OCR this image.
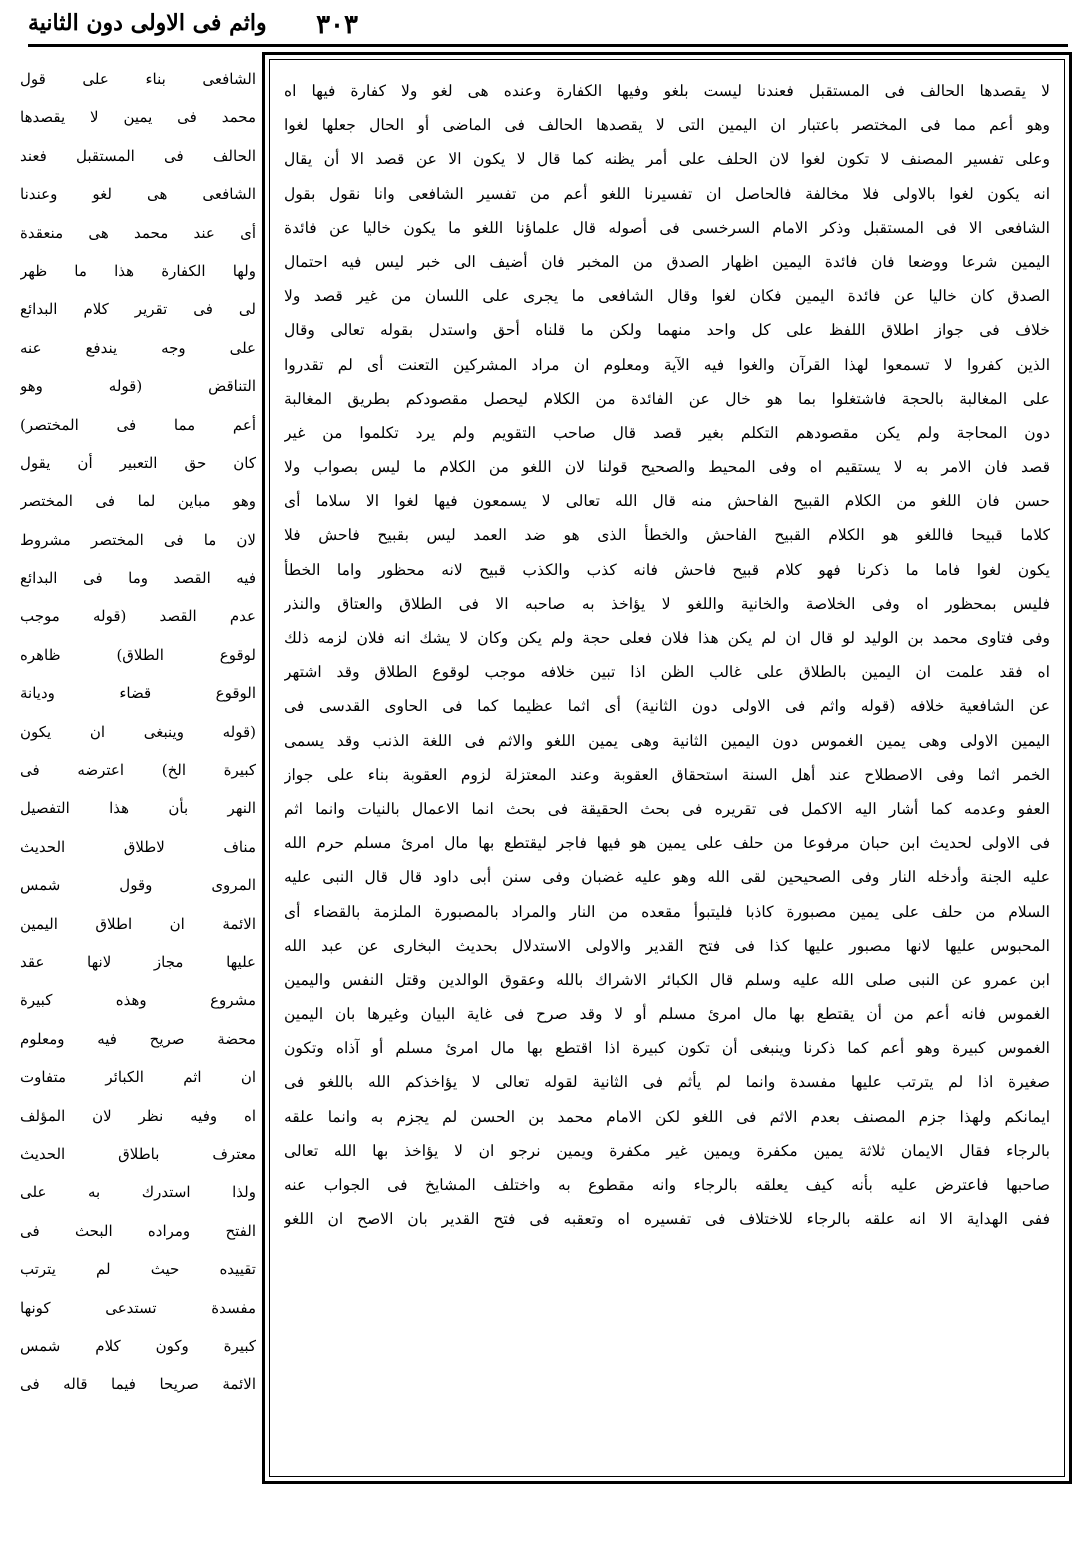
واثم فى الاولى دون الثانية ٣٠٣
لا يقصدها الحالف فى المستقبل فعندنا ليست بلغو وفيها الكفارة وعنده هى لغو ولا كفارة فيها اه
وهو أعم مما فى المختصر باعتبار ان اليمين التى لا يقصدها الحالف فى الماضى أو الحال جعلها لغوا
وعلى تفسير المصنف لا تكون لغوا لان الحلف على أمر يظنه كما قال لا يكون الا عن قصد الا أن يقال
انه يكون لغوا بالاولى فلا مخالفة فالحاصل ان تفسيرنا اللغو أعم من تفسير الشافعى وانا نقول بقول
الشافعى الا فى المستقبل وذكر الامام السرخسى فى أصوله قال علماؤنا اللغو ما يكون خاليا عن فائدة
اليمين شرعا ووضعا فان فائدة اليمين اظهار الصدق من المخبر فان أضيف الى خبر ليس فيه احتمال
الصدق كان خاليا عن فائدة اليمين فكان لغوا وقال الشافعى ما يجرى على اللسان من غير قصد ولا
خلاف فى جواز اطلاق اللفظ على كل واحد منهما ولكن ما قلناه أحق واستدل بقوله تعالى وقال
الذين كفروا لا تسمعوا لهذا القرآن والغوا فيه الآية ومعلوم ان مراد المشركين التعنت أى لم تقدروا
على المغالبة بالحجة فاشتغلوا بما هو خال عن الفائدة من الكلام ليحصل مقصودكم بطريق المغالبة
دون المحاجة ولم يكن مقصودهم التكلم بغير قصد قال صاحب التقويم ولم يرد تكلموا من غير
قصد فان الامر به لا يستقيم اه وفى المحيط والصحيح قولنا لان اللغو من الكلام ما ليس بصواب ولا
حسن فان اللغو من الكلام القبيح الفاحش منه قال الله تعالى لا يسمعون فيها لغوا الا سلاما أى
كلاما قبيحا فاللغو هو الكلام القبيح الفاحش والخطأ الذى هو ضد العمد ليس بقبيح فاحش فلا
يكون لغوا فاما ما ذكرنا فهو كلام قبيح فاحش فانه كذب والكذب قبيح لانه محظور واما الخطأ
فليس بمحظور اه وفى الخلاصة والخانية واللغو لا يؤاخذ به صاحبه الا فى الطلاق والعتاق والنذر
وفى فتاوى محمد بن الوليد لو قال ان لم يكن هذا فلان فعلى حجة ولم يكن وكان لا يشك انه فلان لزمه ذلك
اه فقد علمت ان اليمين بالطلاق على غالب الظن اذا تبين خلافه موجب لوقوع الطلاق وقد اشتهر
عن الشافعية خلافه (قوله واثم فى الاولى دون الثانية) أى اثما عظيما كما فى الحاوى القدسى فى
اليمين الاولى وهى يمين الغموس دون اليمين الثانية وهى يمين اللغو والاثم فى اللغة الذنب وقد يسمى
الخمر اثما وفى الاصطلاح عند أهل السنة استحقاق العقوبة وعند المعتزلة لزوم العقوبة بناء على جواز
العفو وعدمه كما أشار اليه الاكمل فى تقريره فى بحث الحقيقة فى بحث انما الاعمال بالنيات وانما اثم
فى الاولى لحديث ابن حبان مرفوعا من حلف على يمين هو فيها فاجر ليقتطع بها مال امرئ مسلم حرم الله
عليه الجنة وأدخله النار وفى الصحيحين لقى الله وهو عليه غضبان وفى سنن أبى داود قال قال النبى عليه
السلام من حلف على يمين مصبورة كاذبا فليتبوأ مقعده من النار والمراد بالمصبورة الملزمة بالقضاء أى
المحبوس عليها لانها مصبور عليها كذا فى فتح القدير والاولى الاستدلال بحديث البخارى عن عبد الله
ابن عمرو عن النبى صلى الله عليه وسلم قال الكبائر الاشراك بالله وعقوق الوالدين وقتل النفس واليمين
الغموس فانه أعم من أن يقتطع بها مال امرئ مسلم أو لا وقد صرح فى غاية البيان وغيرها بان اليمين
الغموس كبيرة وهو أعم كما ذكرنا وينبغى أن تكون كبيرة اذا اقتطع بها مال امرئ مسلم أو آذاه وتكون
صغيرة اذا لم يترتب عليها مفسدة وانما لم يأثم فى الثانية لقوله تعالى لا يؤاخذكم الله باللغو فى
ايمانكم ولهذا جزم المصنف بعدم الاثم فى اللغو لكن الامام محمد بن الحسن لم يجزم به وانما علقه
بالرجاء فقال الايمان ثلاثة يمين مكفرة ويمين غير مكفرة ويمين نرجو ان لا يؤاخذ بها الله تعالى
صاحبها فاعترض عليه بأنه كيف يعلقه بالرجاء وانه مقطوع به واختلف المشايخ فى الجواب عنه
ففى الهداية الا انه علقه بالرجاء للاختلاف فى تفسيره اه وتعقبه فى فتح القدير بان الاصح ان اللغو
الشافعى بناء على قول
محمد فى يمين لا يقصدها
الحالف فى المستقبل فعند
الشافعى هى لغو وعندنا
أى عند محمد هى منعقدة
ولها الكفارة هذا ما ظهر
لى فى تقرير كلام البدائع
على وجه يندفع عنه
التناقض (قوله وهو
أعم مما فى المختصر)
كان حق التعبير أن يقول
وهو مباين لما فى المختصر
لان ما فى المختصر مشروط
فيه القصد وما فى البدائع
عدم القصد (قوله موجب
لوقوع الطلاق) ظاهره
الوقوع قضاء وديانة
(قوله وينبغى ان يكون
كبيرة الخ) اعترضه فى
النهر بأن هذا التفصيل
مناف لاطلاق الحديث
المروى وقول شمس
الائمة ان اطلاق اليمين
عليها مجاز لانها عقد
مشروع وهذه كبيرة
محضة صريح فيه ومعلوم
ان اثم الكبائر متفاوت
اه وفيه نظر لان المؤلف
معترف باطلاق الحديث
ولذا استدرك به على
الفتح ومراده البحث فى
تقييده حيث لم يترتب
مفسدة تستدعى كونها
كبيرة وكون كلام شمس
الائمة صريحا فيما قاله فى
